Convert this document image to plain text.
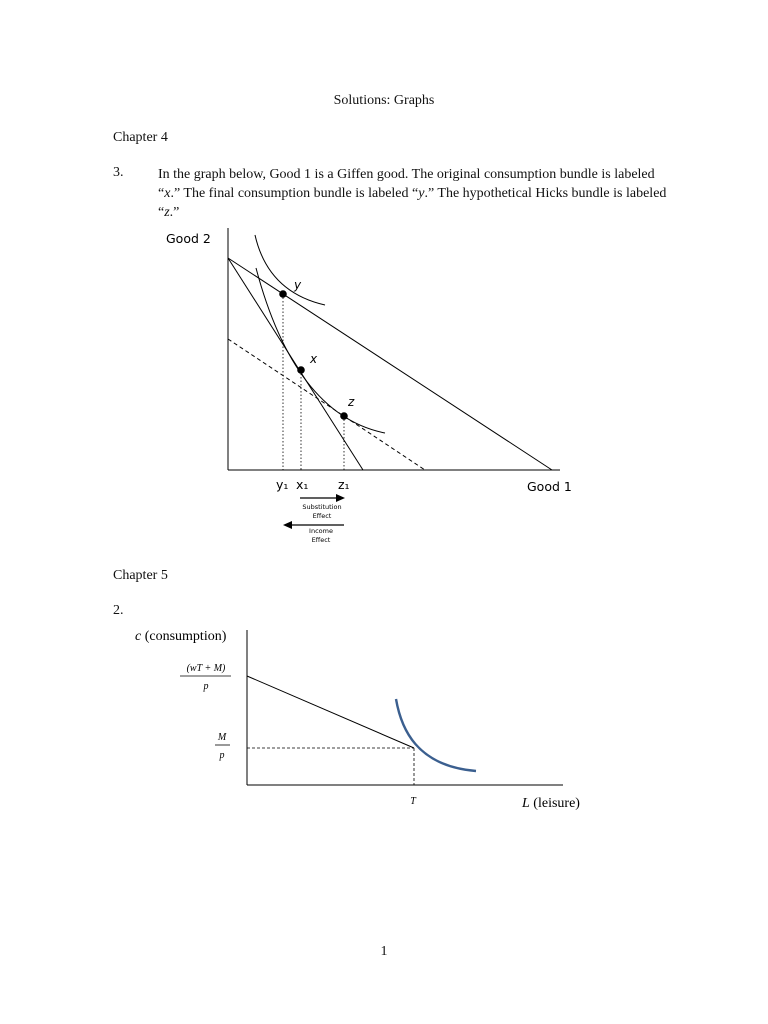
Solutions: Graphs
Chapter 4
3. In the graph below, Good 1 is a Giffen good. The original consumption bundle is labeled “x.” The final consumption bundle is labeled “y.” The hypothetical Hicks bundle is labeled “z.”
Good 2
Good 1
y
x
z
y₁ x₁ z₁
Substitution
Effect
Income
Effect
Chapter 5
2.
c (consumption)
(wT + M)
p
M
p
T	L (leisure)
1
